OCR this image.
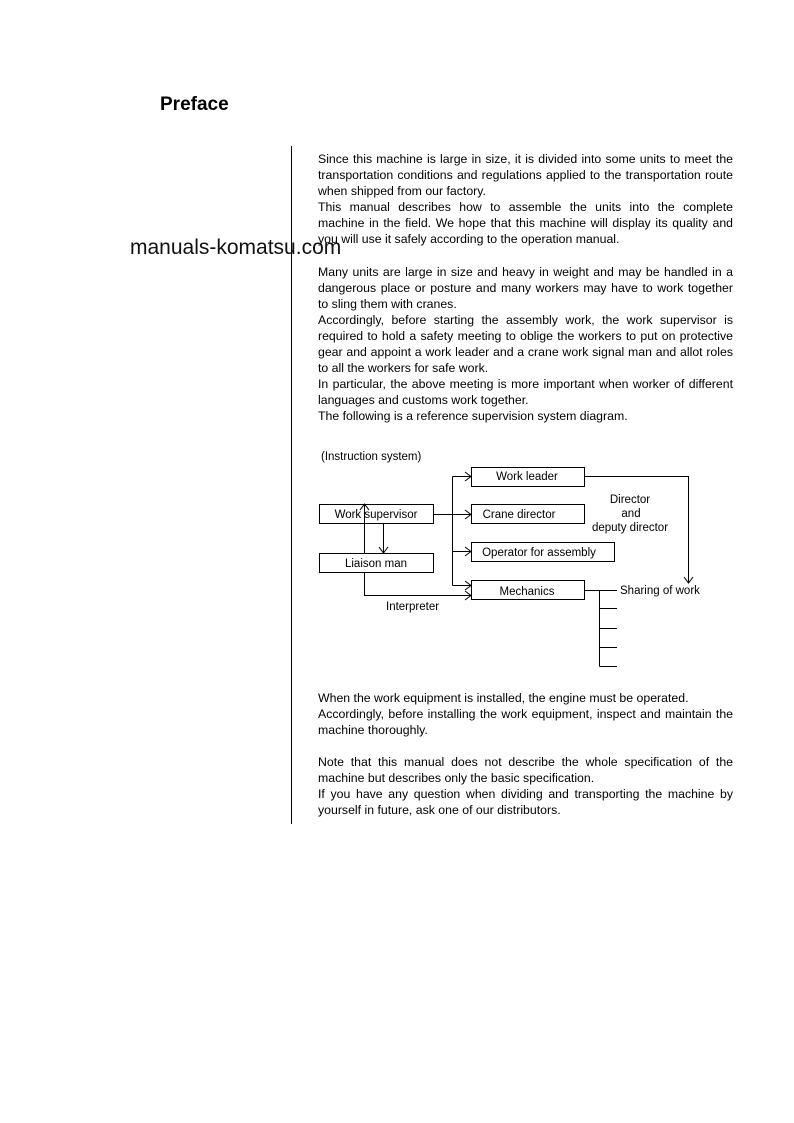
Preface

Since this machine is large in size, it is divided into some units to meet the transportation conditions and regulations applied to the transportation route when shipped from our factory.

This manual describes how to assemble the units into the complete machine in the field. We hope that this machine will display its quality and you will use it safely according to the operation manual.

Many units are large in size and heavy in weight and may be handled in a dangerous place or posture and many workers may have to work together to sling them with cranes.

Accordingly, before starting the assembly work, the work supervisor is required to hold a safety meeting to oblige the workers to put on protective gear and appoint a work leader and a crane work signal man and allot roles to all the workers for safe work.

In particular, the above meeting is more important when worker of different languages and customs work together.

The following is a reference supervision system diagram.

manuals-komatsu.com
(Instruction system)
Work supervisor
Liaison man
Work leader
Crane director
Operator for assembly
Mechanics
Director
and
deputy director
Sharing of work
Interpreter

When the work equipment is installed, the engine must be operated.

Accordingly, before installing the work equipment, inspect and maintain the machine thoroughly.

Note that this manual does not describe the whole specification of the machine but describes only the basic specification.

If you have any question when dividing and transporting the machine by yourself in future, ask one of our distributors.
